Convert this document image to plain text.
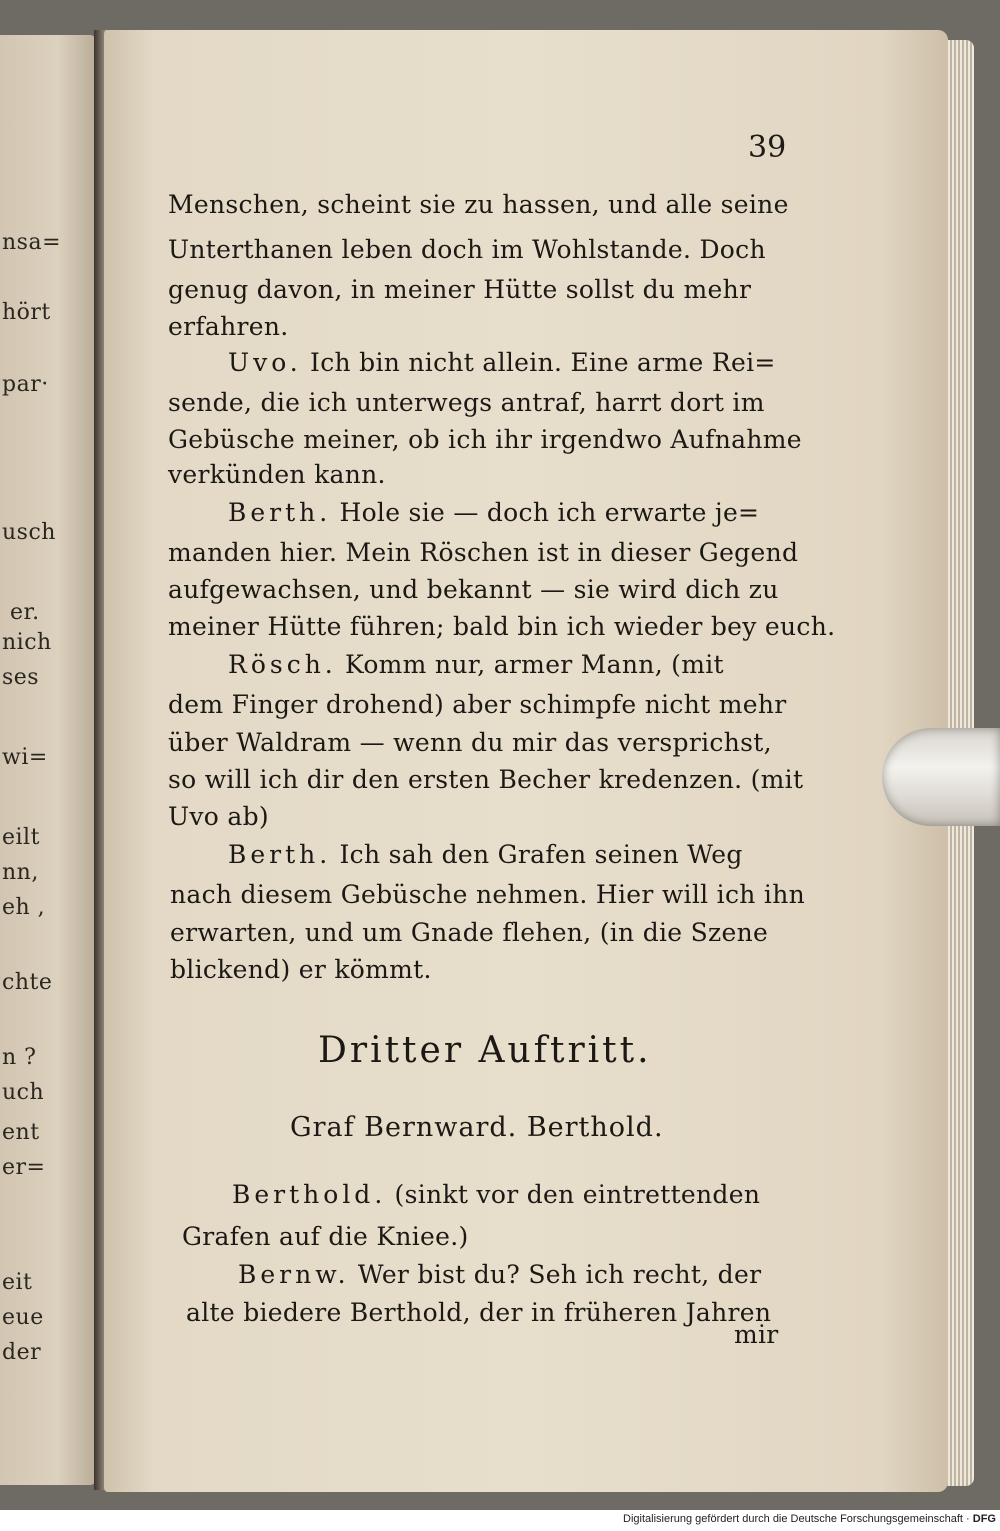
nsa=
hört
par·
usch
er.
nich
ses
wi=
eilt
nn,
eh ,
chte
n ?
uch
ent
er=
eit
eue
der
39
Menschen, scheint sie zu hassen, und alle seine
Unterthanen leben doch im Wohlstande. Doch
genug davon, in meiner Hütte sollst du mehr
erfahren.
Uvo. Ich bin nicht allein. Eine arme Rei=
sende, die ich unterwegs antraf, harrt dort im
Gebüsche meiner, ob ich ihr irgendwo Aufnahme
verkünden kann.
Berth. Hole sie — doch ich erwarte je=
manden hier. Mein Röschen ist in dieser Gegend
aufgewachsen, und bekannt — sie wird dich zu
meiner Hütte führen; bald bin ich wieder bey euch.
Rösch. Komm nur, armer Mann, (mit
dem Finger drohend) aber schimpfe nicht mehr
über Waldram — wenn du mir das versprichst,
so will ich dir den ersten Becher kredenzen. (mit
Uvo ab)
Berth. Ich sah den Grafen seinen Weg
nach diesem Gebüsche nehmen. Hier will ich ihn
erwarten, und um Gnade flehen, (in die Szene
blickend) er kömmt.
Dritter Auftritt.
Graf Bernward. Berthold.
Berthold. (sinkt vor den eintrettenden
Grafen auf die Kniee.)
Bernw. Wer bist du? Seh ich recht, der
alte biedere Berthold, der in früheren Jahren
mir
Digitalisierung gefördert durch die Deutsche Forschungsgemeinschaft · DFG
